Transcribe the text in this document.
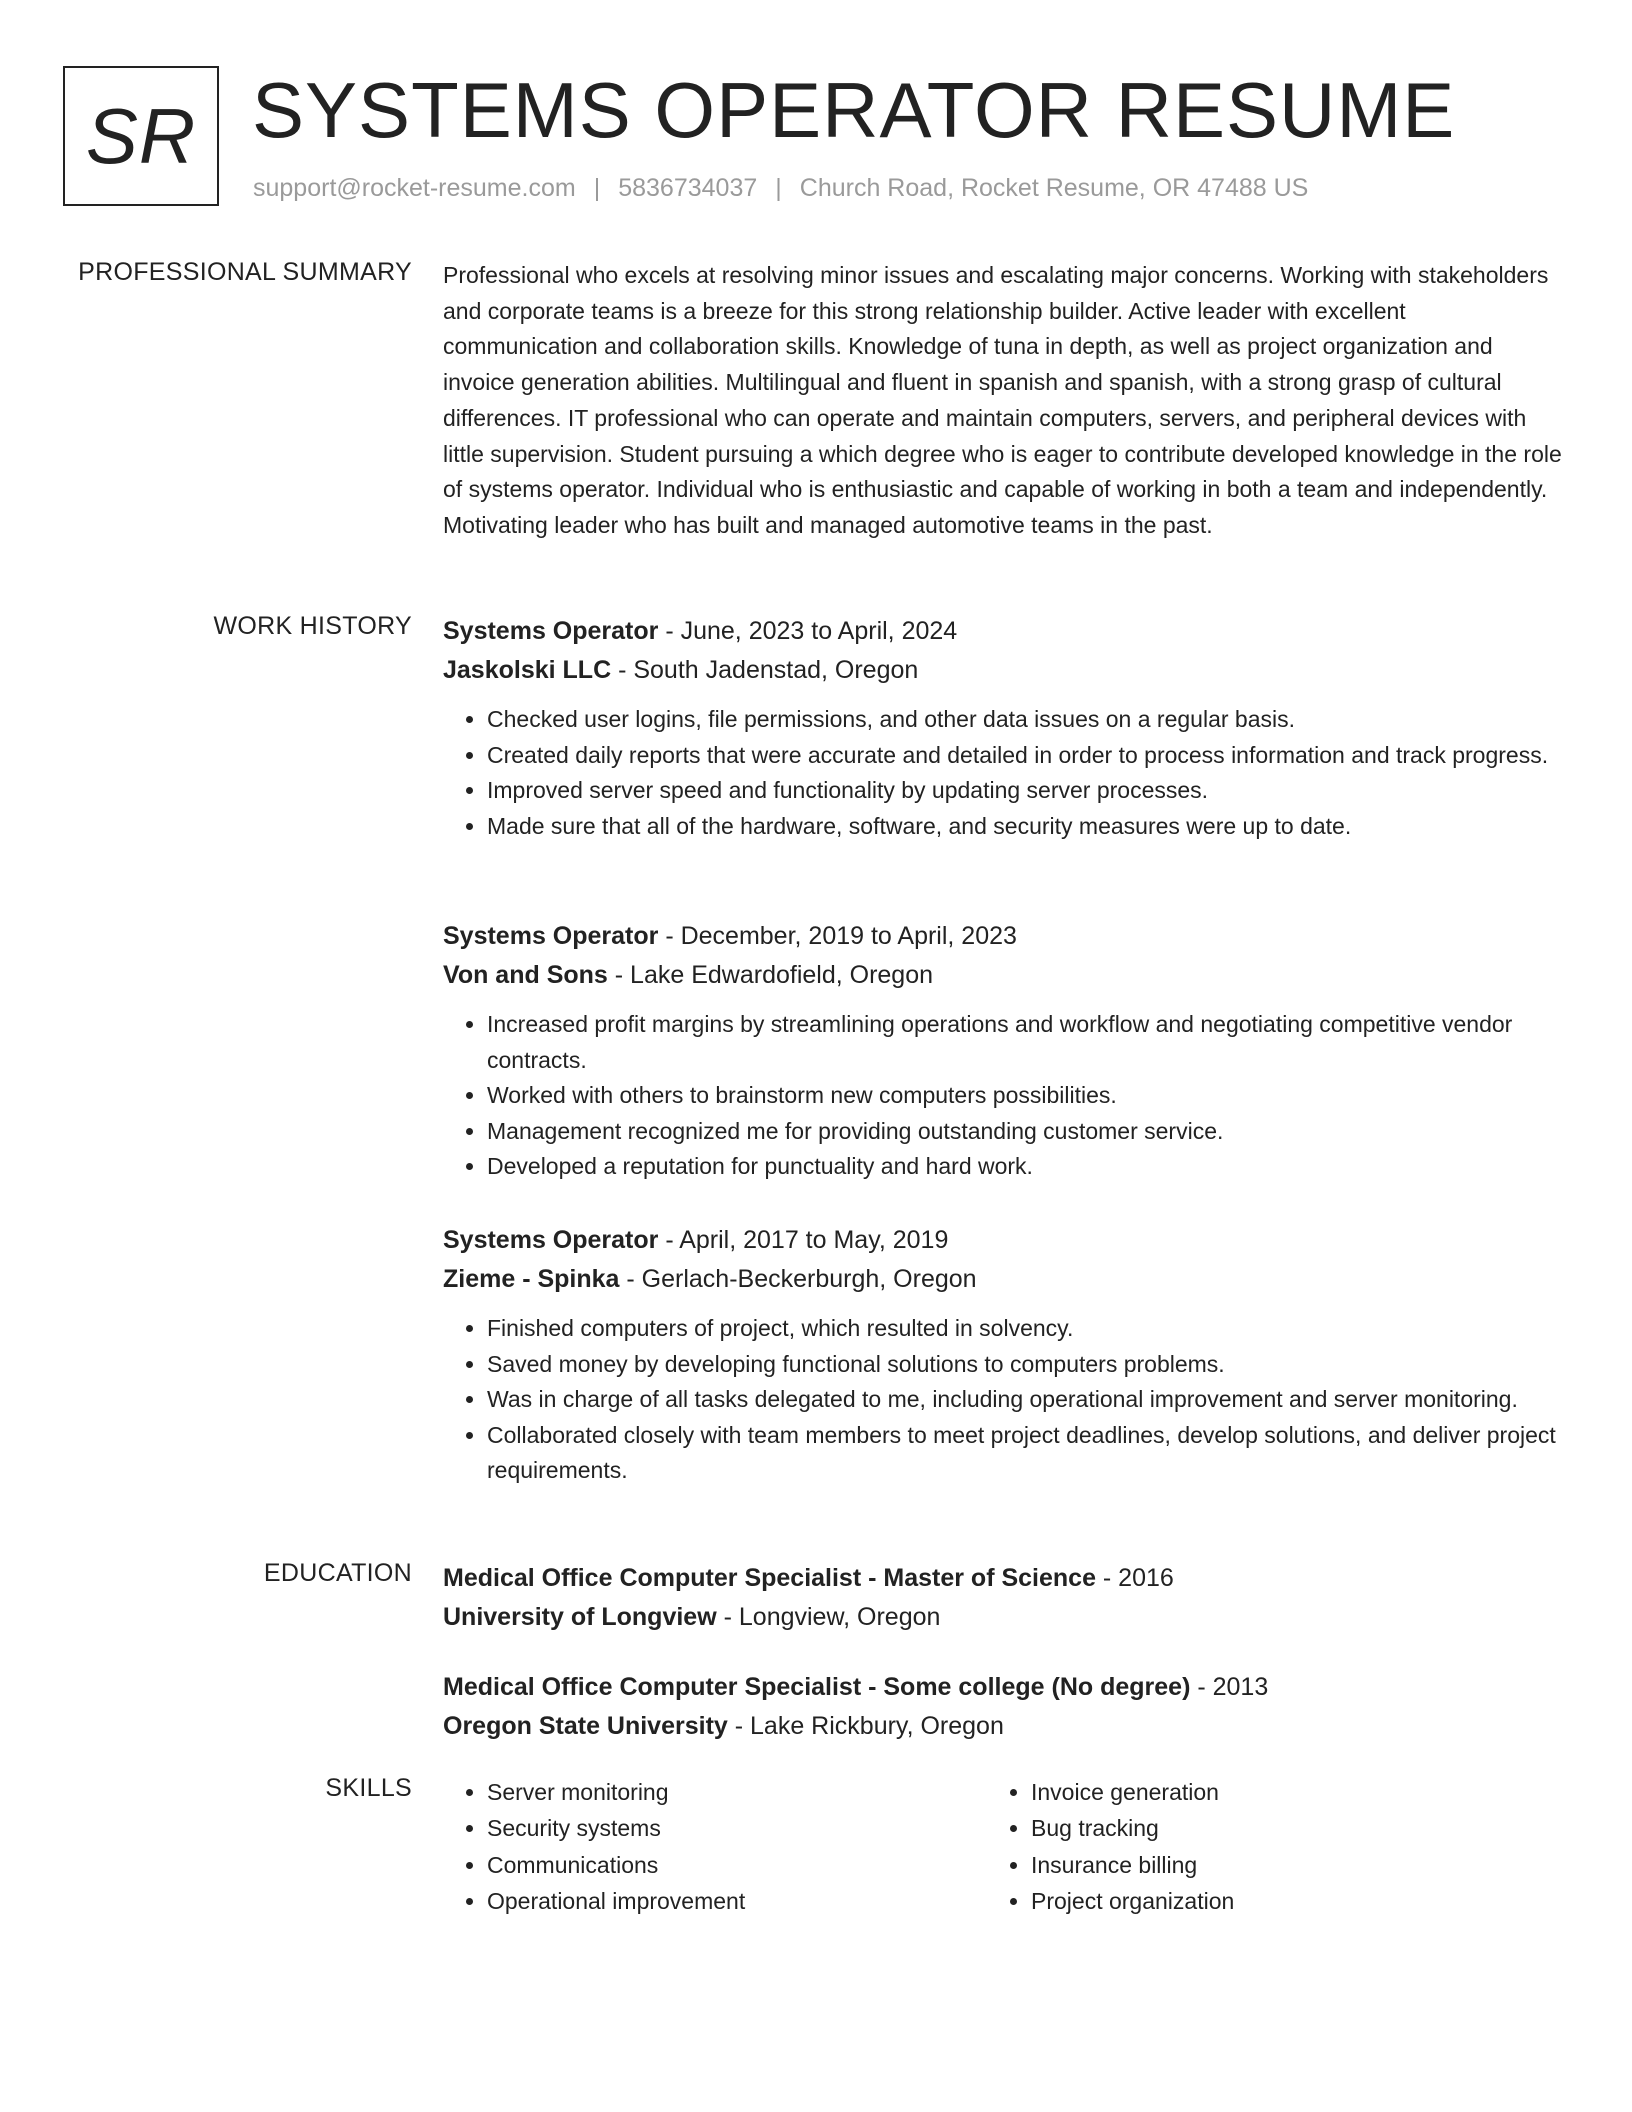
SR SYSTEMS OPERATOR RESUME
support@rocket-resume.com | 5836734037 | Church Road, Rocket Resume, OR 47488 US
PROFESSIONAL SUMMARY Professional who excels at resolving minor issues and escalating major concerns. Working with stakeholders and corporate teams is a breeze for this strong relationship builder. Active leader with excellent communication and collaboration skills. Knowledge of tuna in depth, as well as project organization and invoice generation abilities. Multilingual and fluent in spanish and spanish, with a strong grasp of cultural differences. IT professional who can operate and maintain computers, servers, and peripheral devices with little supervision. Student pursuing a which degree who is eager to contribute developed knowledge in the role of systems operator. Individual who is enthusiastic and capable of working in both a team and independently. Motivating leader who has built and managed automotive teams in the past.

WORK HISTORY Systems Operator - June, 2023 to April, 2024

Jaskolski LLC - South Jadenstad, Oregon

• Checked user logins, file permissions, and other data issues on a regular basis.
• Created daily reports that were accurate and detailed in order to process information and track progress.
• Improved server speed and functionality by updating server processes.
• Made sure that all of the hardware, software, and security measures were up to date.

Systems Operator - December, 2019 to April, 2023

Von and Sons - Lake Edwardofield, Oregon

• Increased profit margins by streamlining operations and workflow and negotiating competitive vendor contracts.
• Worked with others to brainstorm new computers possibilities.
• Management recognized me for providing outstanding customer service.
• Developed a reputation for punctuality and hard work.

Systems Operator - April, 2017 to May, 2019

Zieme - Spinka - Gerlach-Beckerburgh, Oregon

• Finished computers of project, which resulted in solvency.
• Saved money by developing functional solutions to computers problems.
• Was in charge of all tasks delegated to me, including operational improvement and server monitoring.
• Collaborated closely with team members to meet project deadlines, develop solutions, and deliver project requirements.
EDUCATION Medical Office Computer Specialist - Master of Science - 2016

University of Longview - Longview, Oregon

Medical Office Computer Specialist - Some college (No degree) - 2013

Oregon State University - Lake Rickbury, Oregon

SKILLS
•	Server monitoring
• Security systems
• Communications
• Operational improvement
• Invoice generation
• Bug tracking
• Insurance billing
• Project organization
